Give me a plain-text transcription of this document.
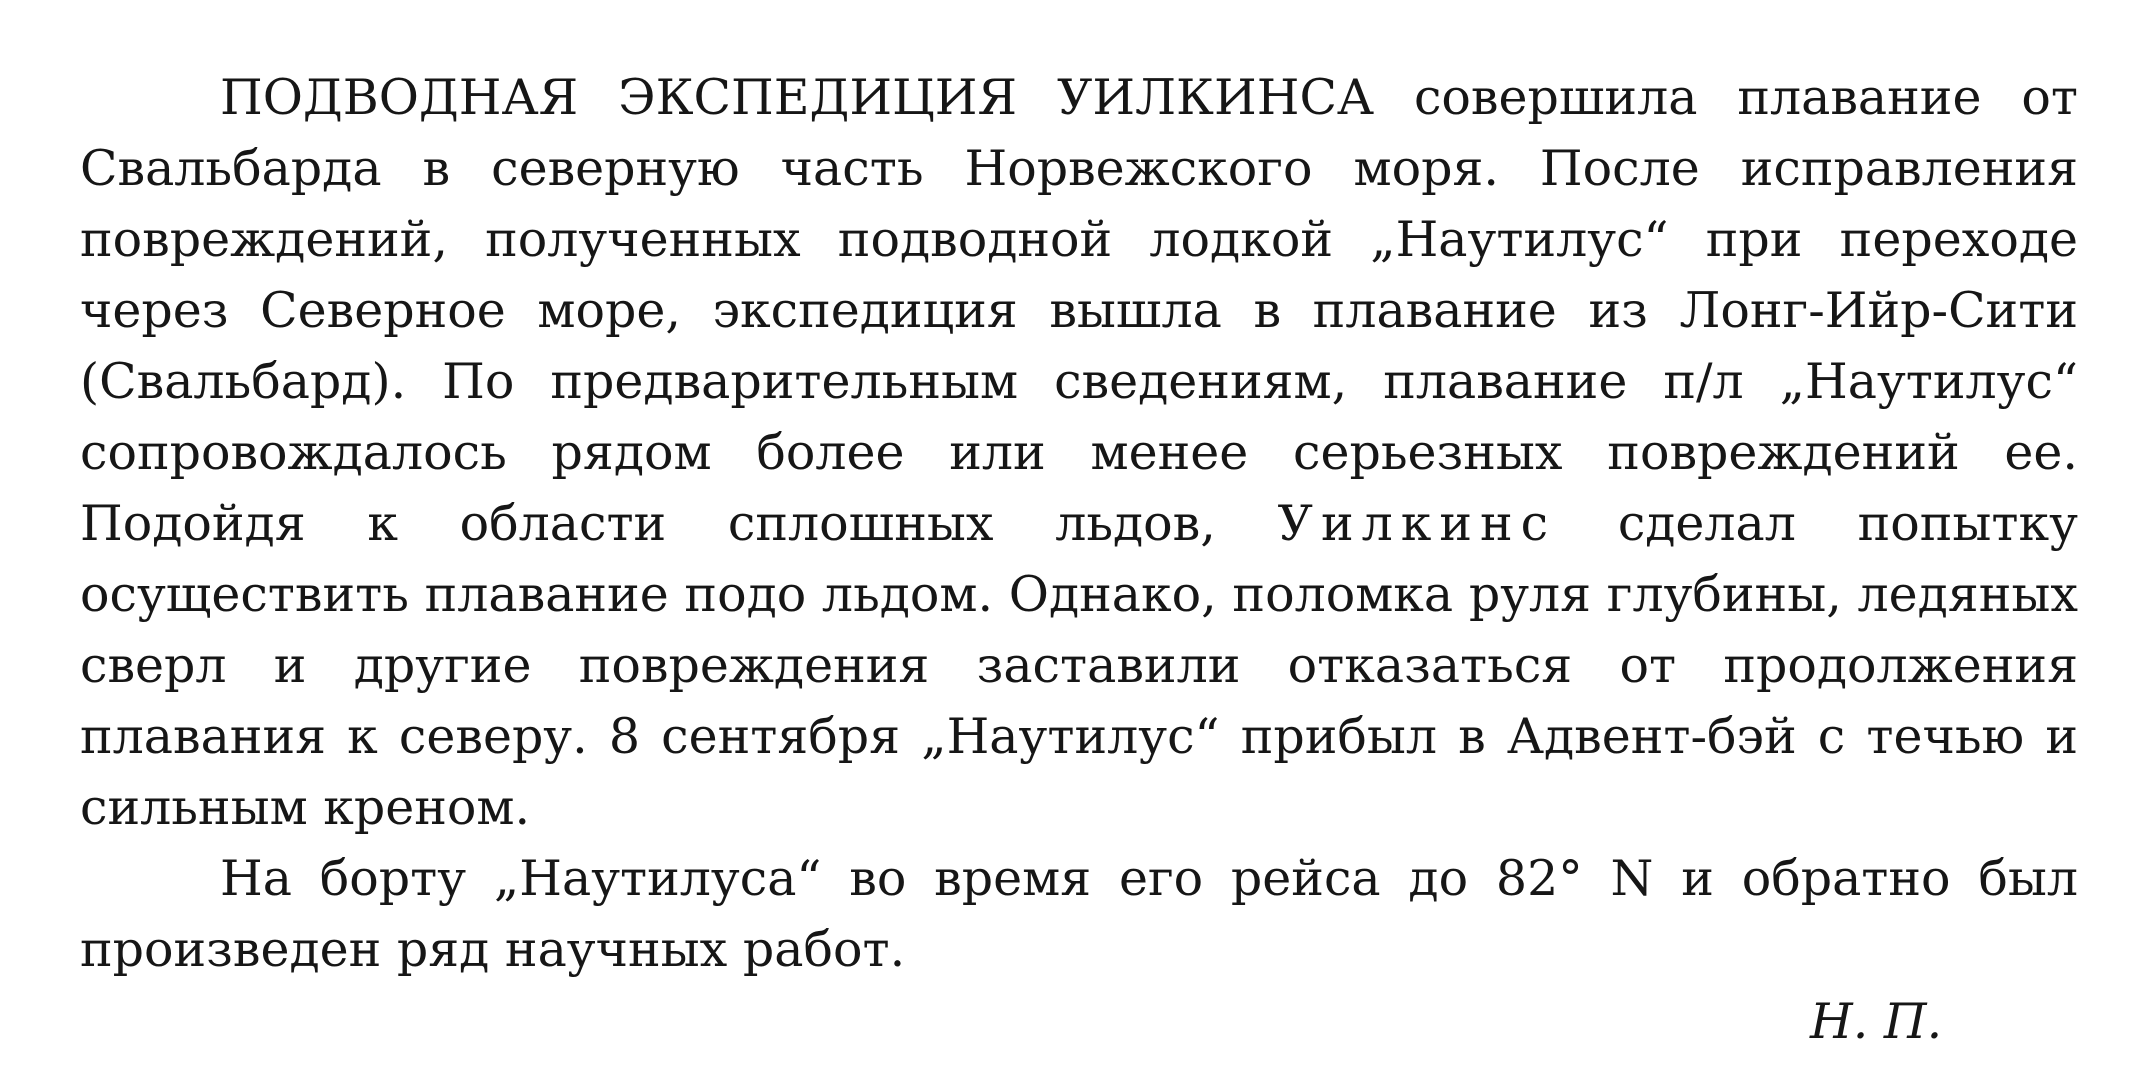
ПОДВОДНАЯ ЭКСПЕДИЦИЯ УИЛКИНСА совершила плавание от Свальбарда в северную часть Норвежского моря. После исправления повреждений, полученных подводной лодкой „Наутилус“ при переходе через Северное море, экспедиция вышла в плавание из Лонг-Ийр-Сити (Свальбард). По предварительным сведениям, плавание п/л „Наутилус“ сопровождалось рядом более или менее серьезных повреждений ее. Подойдя к области сплошных льдов, Уилкинс сделал попытку осуществить плавание подо льдом. Однако, поломка руля глубины, ледяных сверл и другие повреждения заставили отказаться от продолжения плавания к северу. 8 сентября „Наутилус“ прибыл в Адвент-бэй с течью и сильным креном.

На борту „Наутилуса“ во время его рейса до 82° N и обратно был произведен ряд научных работ.

Н. П.
